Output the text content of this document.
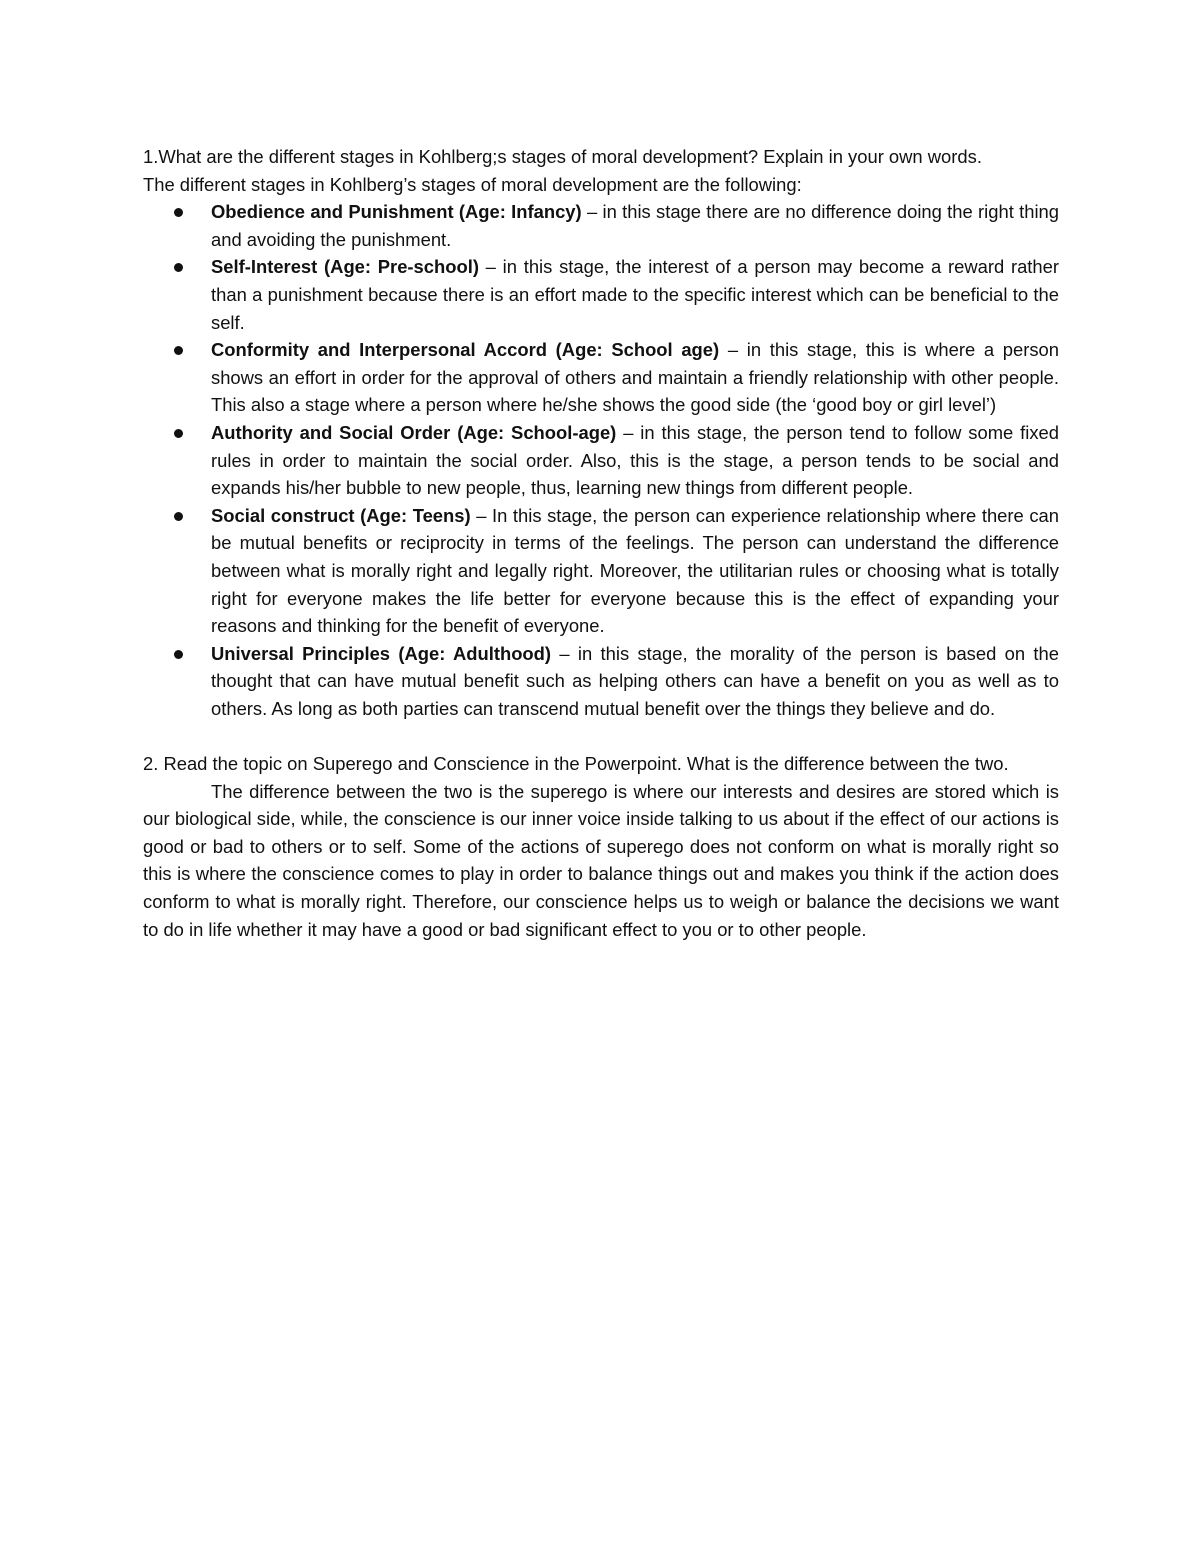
1.What are the different stages in Kohlberg;s stages of moral development? Explain in your own words.

The different stages in Kohlberg’s stages of moral development are the following:

Obedience and Punishment (Age: Infancy) – in this stage there are no difference doing the right thing and avoiding the punishment.
Self-Interest (Age: Pre-school) – in this stage, the interest of a person may become a reward rather than a punishment because there is an effort made to the specific interest which can be beneficial to the self.
Conformity and Interpersonal Accord (Age: School age) – in this stage, this is where a person shows an effort in order for the approval of others and maintain a friendly relationship with other people. This also a stage where a person where he/she shows the good side (the ‘good boy or girl level’)
Authority and Social Order (Age: School-age) – in this stage, the person tend to follow some fixed rules in order to maintain the social order. Also, this is the stage, a person tends to be social and expands his/her bubble to new people, thus, learning new things from different people.
Social construct (Age: Teens) – In this stage, the person can experience relationship where there can be mutual benefits or reciprocity in terms of the feelings. The person can understand the difference between what is morally right and legally right. Moreover, the utilitarian rules or choosing what is totally right for everyone makes the life better for everyone because this is the effect of expanding your reasons and thinking for the benefit of everyone.
Universal Principles (Age: Adulthood) – in this stage, the morality of the person is based on the thought that can have mutual benefit such as helping others can have a benefit on you as well as to others. As long as both parties can transcend mutual benefit over the things they believe and do.

2. Read the topic on Superego and Conscience in the Powerpoint. What is the difference between the two.

The difference between the two is the superego is where our interests and desires are stored which is our biological side, while, the conscience is our inner voice inside talking to us about if the effect of our actions is good or bad to others or to self. Some of the actions of superego does not conform on what is morally right so this is where the conscience comes to play in order to balance things out and makes you think if the action does conform to what is morally right. Therefore, our conscience helps us to weigh or balance the decisions we want to do in life whether it may have a good or bad significant effect to you or to other people.
